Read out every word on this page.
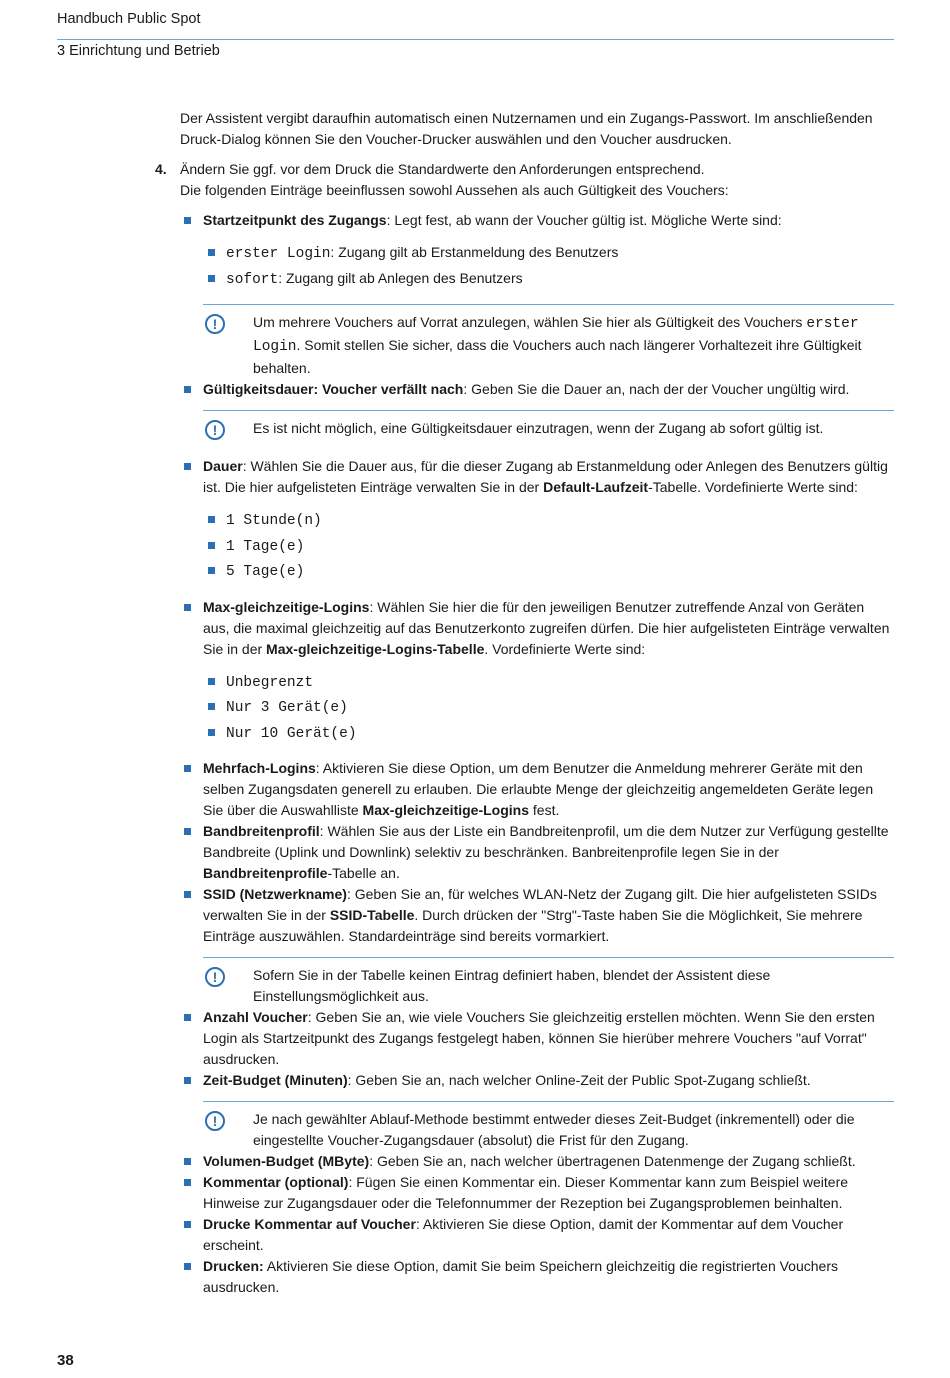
Handbuch Public Spot
3 Einrichtung und Betrieb

Der Assistent vergibt daraufhin automatisch einen Nutzernamen und ein Zugangs-Passwort. Im anschließenden Druck-Dialog können Sie den Voucher-Drucker auswählen und den Voucher ausdrucken.

4. Ändern Sie ggf. vor dem Druck die Standardwerte den Anforderungen entsprechend.

Die folgenden Einträge beeinflussen sowohl Aussehen als auch Gültigkeit des Vouchers:

Startzeitpunkt des Zugangs: Legt fest, ab wann der Voucher gültig ist. Mögliche Werte sind:
erster Login: Zugang gilt ab Erstanmeldung des Benutzers
sofort: Zugang gilt ab Anlegen des Benutzers
!	Um mehrere Vouchers auf Vorrat anzulegen, wählen Sie hier als Gültigkeit des Vouchers erster Login. Somit stellen Sie sicher, dass die Vouchers auch nach längerer Vorhaltezeit ihre Gültigkeit behalten.
Gültigkeitsdauer: Voucher verfällt nach: Geben Sie die Dauer an, nach der der Voucher ungültig wird.
!	Es ist nicht möglich, eine Gültigkeitsdauer einzutragen, wenn der Zugang ab sofort gültig ist.
Dauer: Wählen Sie die Dauer aus, für die dieser Zugang ab Erstanmeldung oder Anlegen des Benutzers gültig ist. Die hier aufgelisteten Einträge verwalten Sie in der Default-Laufzeit-Tabelle. Vordefinierte Werte sind:
1 Stunde(n)
1 Tage(e)
5 Tage(e)
Max-gleichzeitige-Logins: Wählen Sie hier die für den jeweiligen Benutzer zutreffende Anzal von Geräten aus, die maximal gleichzeitig auf das Benutzerkonto zugreifen dürfen. Die hier aufgelisteten Einträge verwalten Sie in der Max-gleichzeitige-Logins-Tabelle. Vordefinierte Werte sind:
Unbegrenzt
Nur 3 Gerät(e)
Nur 10 Gerät(e)
Mehrfach-Logins: Aktivieren Sie diese Option, um dem Benutzer die Anmeldung mehrerer Geräte mit den selben Zugangsdaten generell zu erlauben. Die erlaubte Menge der gleichzeitig angemeldeten Geräte legen Sie über die Auswahlliste Max-gleichzeitige-Logins fest.
Bandbreitenprofil: Wählen Sie aus der Liste ein Bandbreitenprofil, um die dem Nutzer zur Verfügung gestellte Bandbreite (Uplink und Downlink) selektiv zu beschränken. Banbreitenprofile legen Sie in der Bandbreitenprofile-Tabelle an.
SSID (Netzwerkname): Geben Sie an, für welches WLAN-Netz der Zugang gilt. Die hier aufgelisteten SSIDs verwalten Sie in der SSID-Tabelle. Durch drücken der "Strg"-Taste haben Sie die Möglichkeit, Sie mehrere Einträge auszuwählen. Standardeinträge sind bereits vormarkiert.
!	Sofern Sie in der Tabelle keinen Eintrag definiert haben, blendet der Assistent diese Einstellungsmöglichkeit aus.
Anzahl Voucher: Geben Sie an, wie viele Vouchers Sie gleichzeitig erstellen möchten. Wenn Sie den ersten Login als Startzeitpunkt des Zugangs festgelegt haben, können Sie hierüber mehrere Vouchers "auf Vorrat" ausdrucken.
Zeit-Budget (Minuten): Geben Sie an, nach welcher Online-Zeit der Public Spot-Zugang schließt.
!	Je nach gewählter Ablauf-Methode bestimmt entweder dieses Zeit-Budget (inkrementell) oder die eingestellte Voucher-Zugangsdauer (absolut) die Frist für den Zugang.
Volumen-Budget (MByte): Geben Sie an, nach welcher übertragenen Datenmenge der Zugang schließt.
Kommentar (optional): Fügen Sie einen Kommentar ein. Dieser Kommentar kann zum Beispiel weitere Hinweise zur Zugangsdauer oder die Telefonnummer der Rezeption bei Zugangsproblemen beinhalten.
Drucke Kommentar auf Voucher: Aktivieren Sie diese Option, damit der Kommentar auf dem Voucher erscheint.
Drucken: Aktivieren Sie diese Option, damit Sie beim Speichern gleichzeitig die registrierten Vouchers ausdrucken.
38
